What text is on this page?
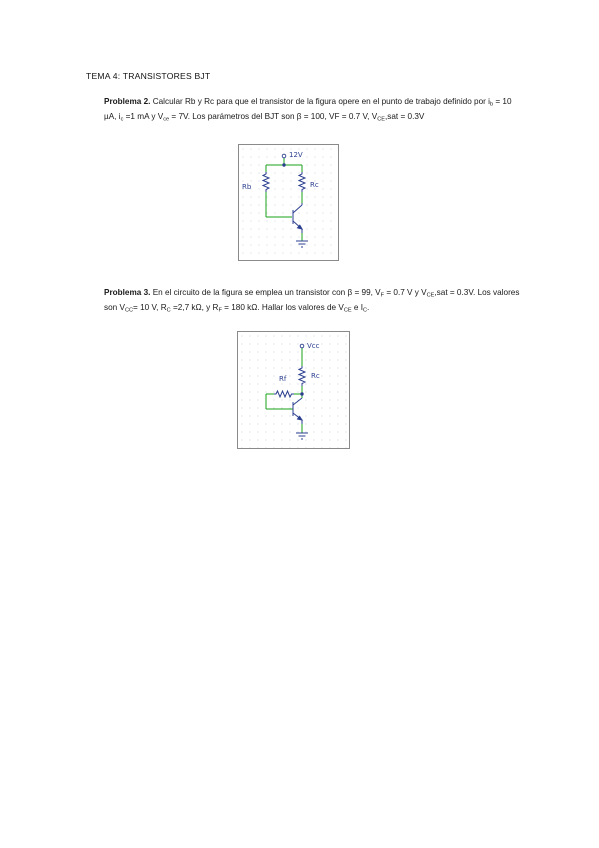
TEMA 4: TRANSISTORES BJT
Problema 2. Calcular Rb y Rc para que el transistor de la figura opere en el punto de trabajo definido por $i_b = 10$ µA, $i_c =1$ mA y $V_{ce} = 7V$. Los parámetros del BJT son β = 100, VF = 0.7 V, $V_{CE},sat = 0.3V$
12V
Rb	Rc
Problema 3. En el circuito de la figura se emplea un transistor con β = 99, $V_F = 0.7$ V y $V_{CE},sat = 0.3V$. Los valores son $V_{CC}= 10$ V, $R_C =2,7$ kΩ, y $R_F = 180$ kΩ. Hallar los valores de $V_{CE}$ e $I_C$.
Vcc
Rf	Rc
